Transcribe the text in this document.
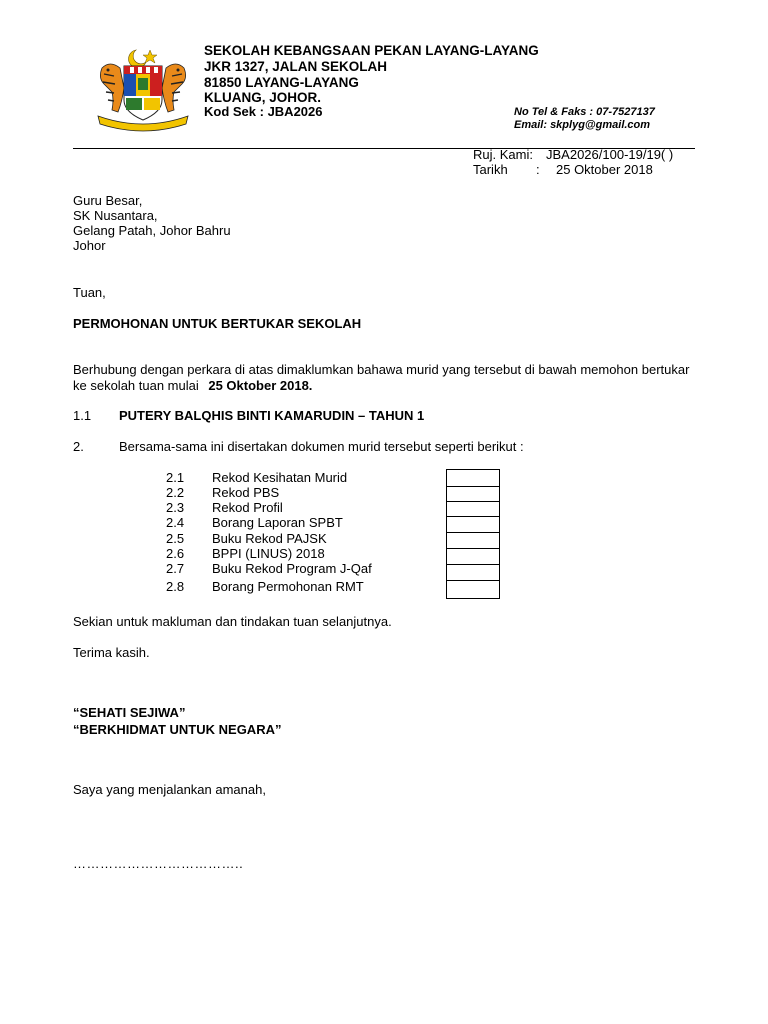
SEKOLAH KEBANGSAAN PEKAN LAYANG-LAYANG
JKR 1327, JALAN SEKOLAH
81850 LAYANG-LAYANG
KLUANG, JOHOR.
Kod Sek : JBA2026	No Tel & Faks : 07-7527137
Email: skplyg@gmail.com
Ruj. Kami: JBA2026/100-19/19( )
Tarikh : 25 Oktober 2018
Guru Besar,
SK Nusantara,
Gelang Patah, Johor Bahru
Johor
Tuan,
PERMOHONAN UNTUK BERTUKAR SEKOLAH
Berhubung dengan perkara di atas dimaklumkan bahawa murid yang tersebut di bawah memohon bertukar ke sekolah tuan mulai 25 Oktober 2018.
1.1 PUTERY BALQHIS BINTI KAMARUDIN – TAHUN 1
2.	Bersama-sama ini disertakan dokumen murid tersebut seperti berikut :
2.1 Rekod Kesihatan Murid
2.2 Rekod PBS
2.3 Rekod Profil
2.4 Borang Laporan SPBT
2.5 Buku Rekod PAJSK
2.6 BPPI (LINUS) 2018
2.7 Buku Rekod Program J-Qaf
2.8 Borang Permohonan RMT
Sekian untuk makluman dan tindakan tuan selanjutnya.
Terima kasih.
“SEHATI SEJIWA”
“BERKHIDMAT UNTUK NEGARA”
Saya yang menjalankan amanah,
………………………………..
